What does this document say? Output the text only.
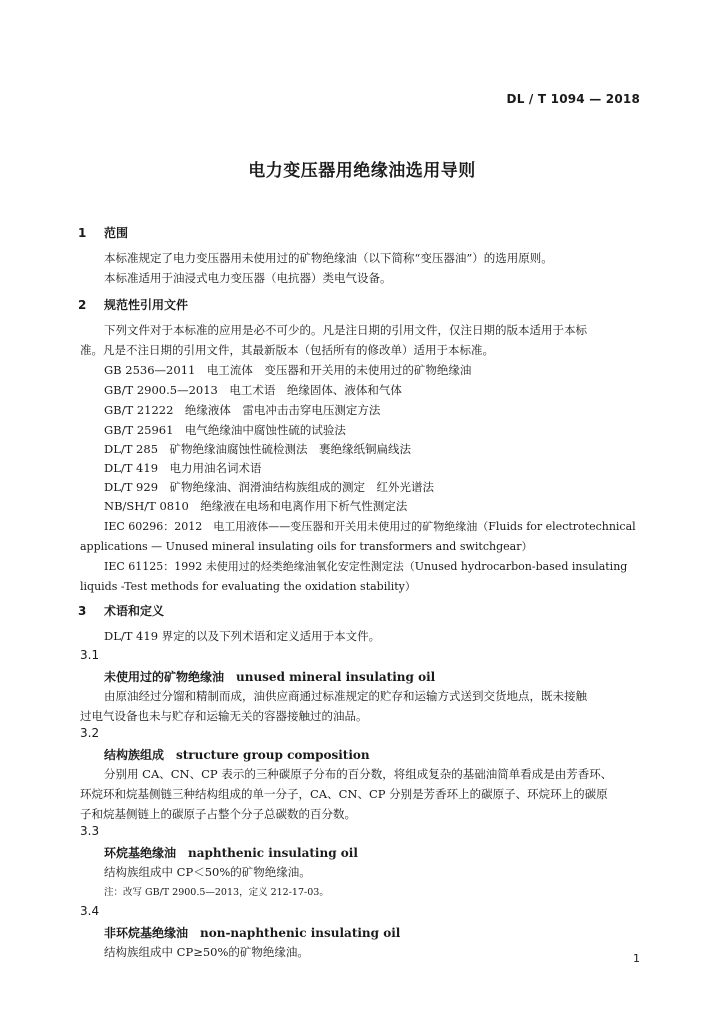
DL / T 1094 — 2018
电力变压器用绝缘油选用导则
1 范围
本标准规定了电力变压器用未使用过的矿物绝缘油（以下简称“变压器油”）的选用原则。
本标准适用于油浸式电力变压器（电抗器）类电气设备。
2 规范性引用文件
下列文件对于本标准的应用是必不可少的。凡是注日期的引用文件，仅注日期的版本适用于本标
准。凡是不注日期的引用文件，其最新版本（包括所有的修改单）适用于本标准。
GB 2536—2011　电工流体　变压器和开关用的未使用过的矿物绝缘油
GB/T 2900.5—2013　电工术语　绝缘固体、液体和气体
GB/T 21222　绝缘液体　雷电冲击击穿电压测定方法
GB/T 25961　电气绝缘油中腐蚀性硫的试验法
DL/T 285　矿物绝缘油腐蚀性硫检测法　裹绝缘纸铜扁线法
DL/T 419　电力用油名词术语
DL/T 929　矿物绝缘油、润滑油结构族组成的测定　红外光谱法
NB/SH/T 0810　绝缘液在电场和电离作用下析气性测定法
IEC 60296：2012　电工用液体——变压器和开关用未使用过的矿物绝缘油（Fluids for electrotechnical
applications — Unused mineral insulating oils for transformers and switchgear）
IEC 61125：1992 未使用过的烃类绝缘油氧化安定性测定法（Unused hydrocarbon-based insulating
liquids -Test methods for evaluating the oxidation stability）
3 术语和定义
DL/T 419 界定的以及下列术语和定义适用于本文件。
3.1
未使用过的矿物绝缘油　unused mineral insulating oil
由原油经过分馏和精制而成，油供应商通过标准规定的贮存和运输方式送到交货地点，既未接触
过电气设备也未与贮存和运输无关的容器接触过的油品。
3.2
结构族组成　structure group composition
分别用 CA、CN、CP 表示的三种碳原子分布的百分数，将组成复杂的基础油简单看成是由芳香环、
环烷环和烷基侧链三种结构组成的单一分子，CA、CN、CP 分别是芳香环上的碳原子、环烷环上的碳原
子和烷基侧链上的碳原子占整个分子总碳数的百分数。
3.3
环烷基绝缘油　naphthenic insulating oil
结构族组成中 CP＜50%的矿物绝缘油。
注：改写 GB/T 2900.5—2013，定义 212-17-03。
3.4
非环烷基绝缘油　non-naphthenic insulating oil
结构族组成中 CP≥50%的矿物绝缘油。	1
